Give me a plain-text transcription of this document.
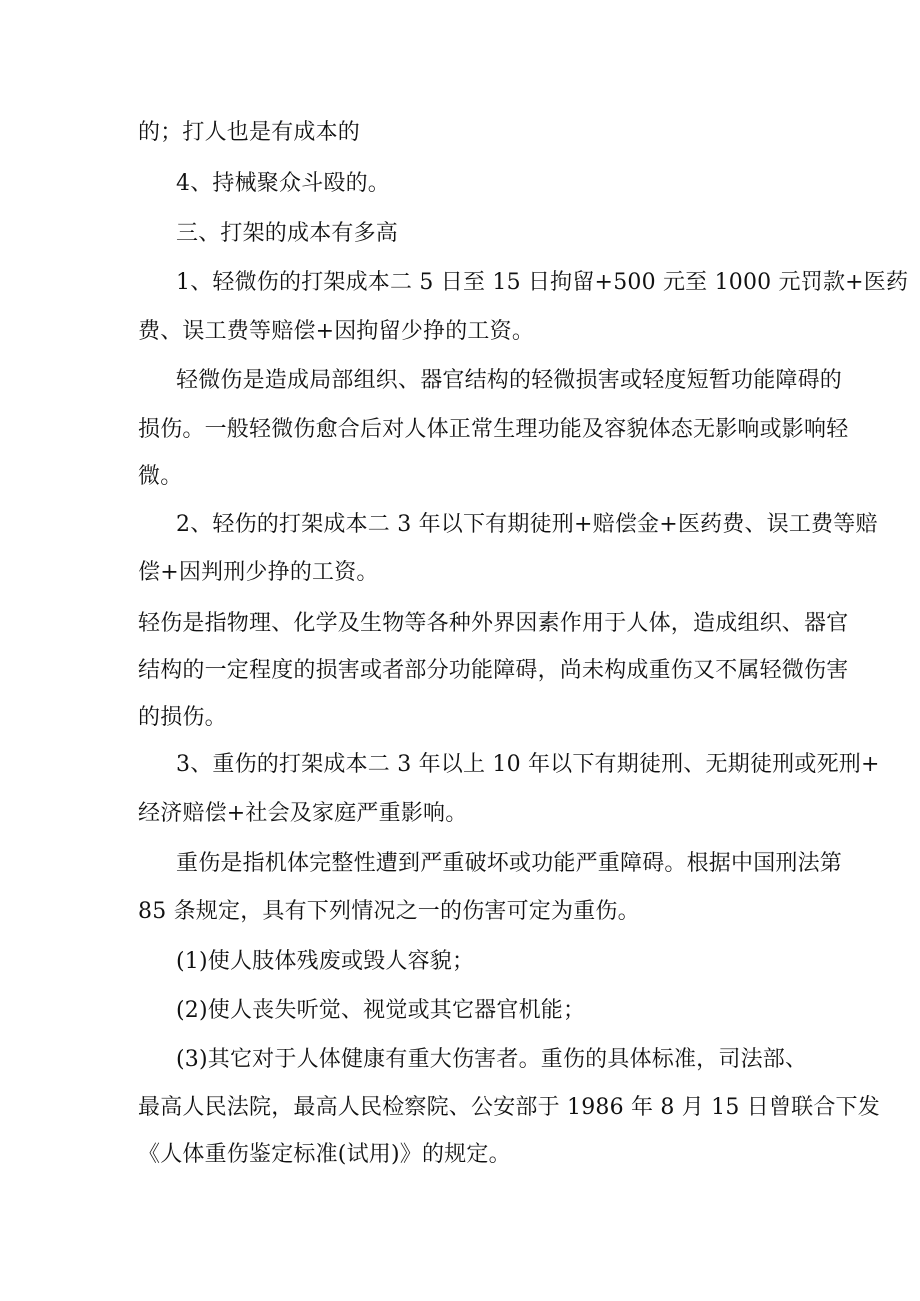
的；打人也是有成本的
4、持械聚众斗殴的。
三、打架的成本有多高
1、轻微伤的打架成本二 5 日至 15 日拘留+500 元至 1000 元罚款+医药
费、误工费等赔偿+因拘留少挣的工资。
轻微伤是造成局部组织、器官结构的轻微损害或轻度短暂功能障碍的
损伤。一般轻微伤愈合后对人体正常生理功能及容貌体态无影响或影响轻
微。
2、轻伤的打架成本二 3 年以下有期徒刑+赔偿金+医药费、误工费等赔
偿+因判刑少挣的工资。
轻伤是指物理、化学及生物等各种外界因素作用于人体，造成组织、器官
结构的一定程度的损害或者部分功能障碍，尚未构成重伤又不属轻微伤害
的损伤。
3、重伤的打架成本二 3 年以上 10 年以下有期徒刑、无期徒刑或死刑+
经济赔偿+社会及家庭严重影响。
重伤是指机体完整性遭到严重破坏或功能严重障碍。根据中国刑法第
85 条规定，具有下列情况之一的伤害可定为重伤。
(1)使人肢体残废或毁人容貌；
(2)使人丧失听觉、视觉或其它器官机能；
(3)其它对于人体健康有重大伤害者。重伤的具体标准，司法部、
最高人民法院，最高人民检察院、公安部于 1986 年 8 月 15 日曾联合下发
《人体重伤鉴定标准(试用)》的规定。
